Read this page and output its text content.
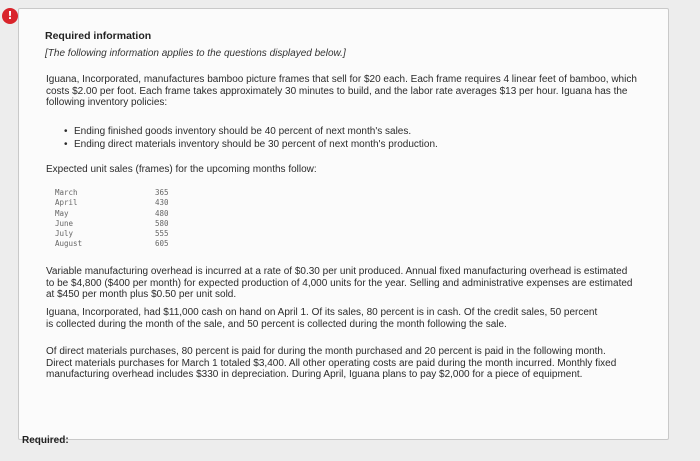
!
Required information
[The following information applies to the questions displayed below.]
Iguana, Incorporated, manufactures bamboo picture frames that sell for $20 each. Each frame requires 4 linear feet of bamboo, which costs $2.00 per foot. Each frame takes approximately 30 minutes to build, and the labor rate averages $13 per hour. Iguana has the following inventory policies:
• Ending finished goods inventory should be 40 percent of next month's sales.
• Ending direct materials inventory should be 30 percent of next month's production.
Expected unit sales (frames) for the upcoming months follow:
March	365
April	430
May	480
June	580
July	555
August	605
Variable manufacturing overhead is incurred at a rate of $0.30 per unit produced. Annual fixed manufacturing overhead is estimated to be $4,800 ($400 per month) for expected production of 4,000 units for the year. Selling and administrative expenses are estimated at $450 per month plus $0.50 per unit sold.
Iguana, Incorporated, had $11,000 cash on hand on April 1. Of its sales, 80 percent is in cash. Of the credit sales, 50 percent is collected during the month of the sale, and 50 percent is collected during the month following the sale.
Of direct materials purchases, 80 percent is paid for during the month purchased and 20 percent is paid in the following month. Direct materials purchases for March 1 totaled $3,400. All other operating costs are paid during the month incurred. Monthly fixed manufacturing overhead includes $330 in depreciation. During April, Iguana plans to pay $2,000 for a piece of equipment.
Required:
